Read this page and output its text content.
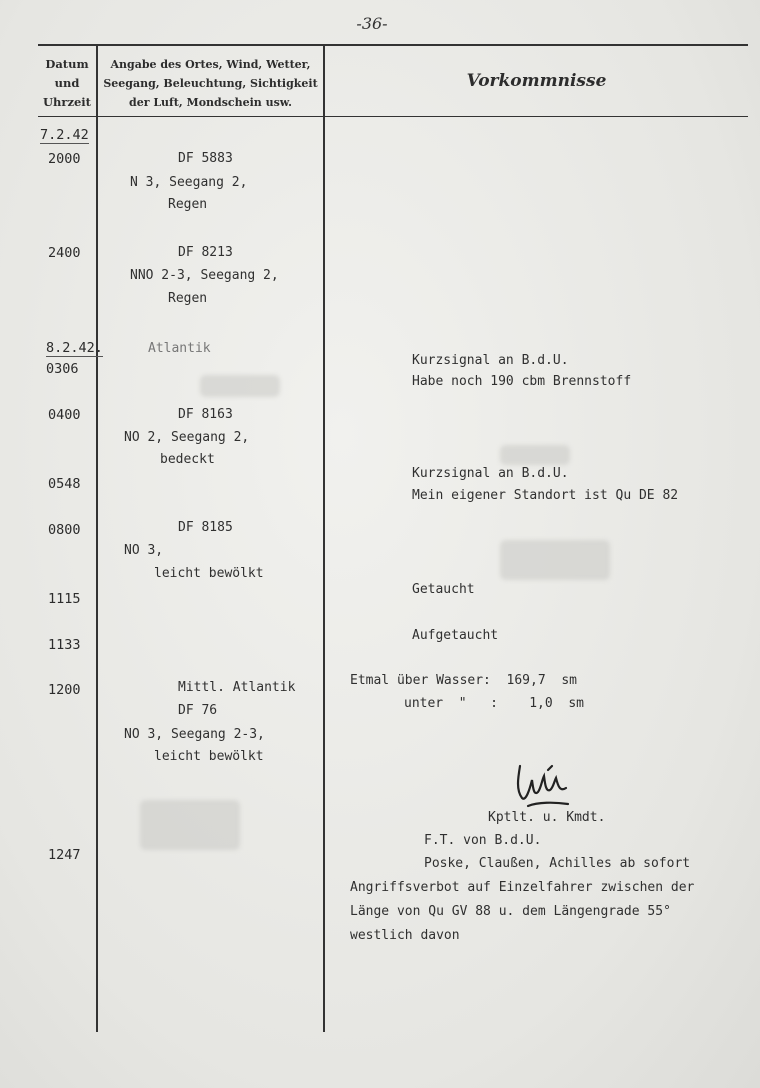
-36-
Datum
und
Uhrzeit
Angabe des Ortes, Wind, Wetter,
Seegang, Beleuchtung, Sichtigkeit
der Luft, Mondschein usw.
Vorkommnisse
7.2.42
2000
2400
8.2.42.
0306
0400
0548
0800
1115
1133
1200
1247
DF 5883
N 3, Seegang 2,
Regen
DF 8213
NNO 2-3, Seegang 2,
Regen
Atlantik
DF 8163
NO 2, Seegang 2,
bedeckt
DF 8185
NO 3,
leicht bewölkt
Mittl. Atlantik
DF 76
NO 3, Seegang 2-3,
leicht bewölkt
Kurzsignal an B.d.U.
Habe noch 190 cbm Brennstoff
Kurzsignal an B.d.U.
Mein eigener Standort ist Qu DE 82
Getaucht
Aufgetaucht
Etmal über Wasser:  169,7  sm
unter  "   :    1,0  sm
Kptlt. u. Kmdt.
F.T. von B.d.U.
Poske, Claußen, Achilles ab sofort
Angriffsverbot auf Einzelfahrer zwischen der
Länge von Qu GV 88 u. dem Längengrade 55°
westlich davon
